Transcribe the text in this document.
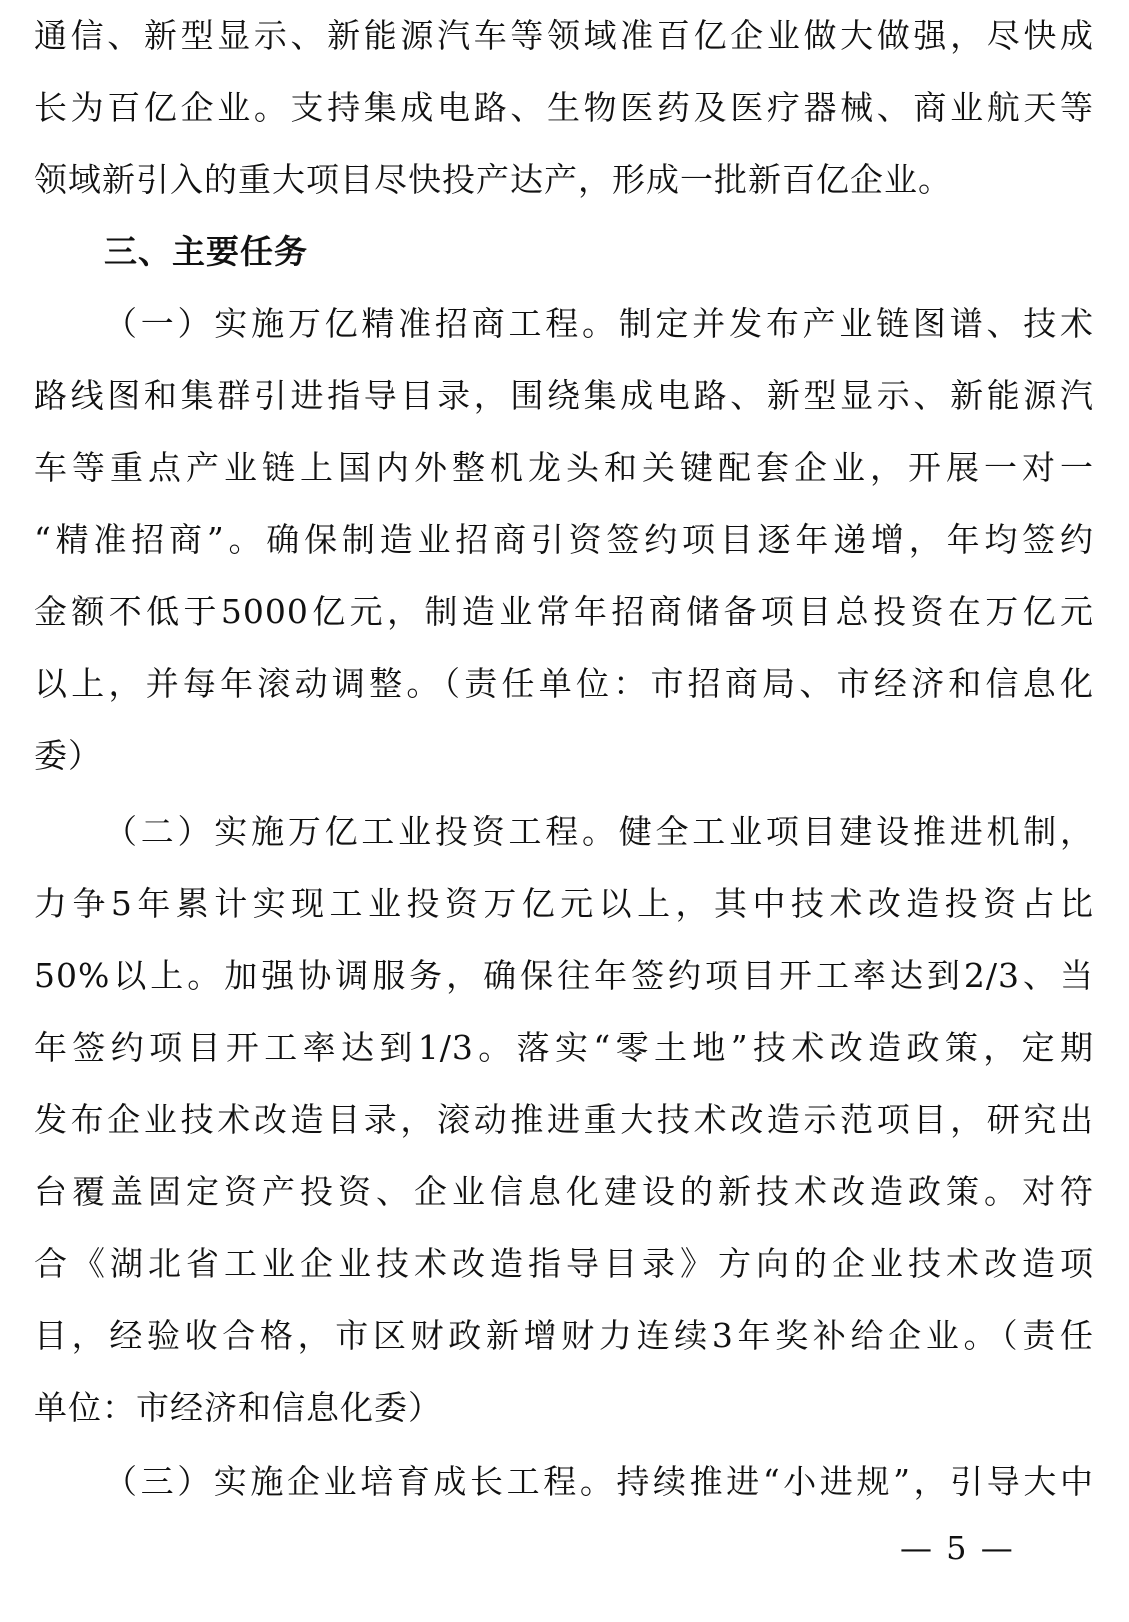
通信、新型显示、新能源汽车等领域准百亿企业做大做强，尽快成
长为百亿企业。支持集成电路、生物医药及医疗器械、商业航天等
领域新引入的重大项目尽快投产达产，形成一批新百亿企业。
三、主要任务
（一）实施万亿精准招商工程。制定并发布产业链图谱、技术
路线图和集群引进指导目录，围绕集成电路、新型显示、新能源汽
车等重点产业链上国内外整机龙头和关键配套企业，开展一对一
“精准招商”。确保制造业招商引资签约项目逐年递增，年均签约
金额不低于5000亿元，制造业常年招商储备项目总投资在万亿元
以上，并每年滚动调整。（责任单位：市招商局、市经济和信息化
委）
（二）实施万亿工业投资工程。健全工业项目建设推进机制，
力争5年累计实现工业投资万亿元以上，其中技术改造投资占比
50%以上。加强协调服务，确保往年签约项目开工率达到2/3、当
年签约项目开工率达到1/3。落实“零土地”技术改造政策，定期
发布企业技术改造目录，滚动推进重大技术改造示范项目，研究出
台覆盖固定资产投资、企业信息化建设的新技术改造政策。对符
合《湖北省工业企业技术改造指导目录》方向的企业技术改造项
目，经验收合格，市区财政新增财力连续3年奖补给企业。（责任
单位：市经济和信息化委）
（三）实施企业培育成长工程。持续推进“小进规”，引导大中
— 5 —
